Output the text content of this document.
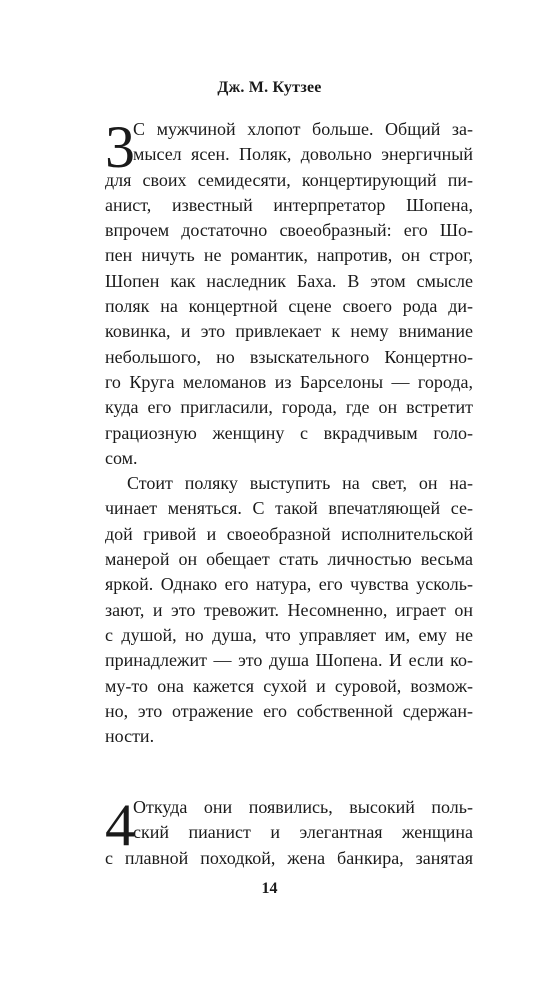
Дж. М. Кутзее
3
С мужчиной хлопот больше. Общий за-
мысел ясен. Поляк, довольно энергичный
для своих семидесяти, концертирующий пи-
анист, известный интерпретатор Шопена,
впрочем достаточно своеобразный: его Шо-
пен ничуть не романтик, напротив, он строг,
Шопен как наследник Баха. В этом смысле
поляк на концертной сцене своего рода ди-
ковинка, и это привлекает к нему внимание
небольшого, но взыскательного Концертно-
го Круга меломанов из Барселоны — города,
куда его пригласили, города, где он встретит
грациозную женщину с вкрадчивым голо-
сом.
Стоит поляку выступить на свет, он на-
чинает меняться. С такой впечатляющей се-
дой гривой и своеобразной исполнительской
манерой он обещает стать личностью весьма
яркой. Однако его натура, его чувства усколь-
зают, и это тревожит. Несомненно, играет он
с душой, но душа, что управляет им, ему не
принадлежит — это душа Шопена. И если ко-
му-то она кажется сухой и суровой, возмож-
но, это отражение его собственной сдержан-
ности.
4
Откуда они появились, высокий поль-
ский пианист и элегантная женщина
с плавной походкой, жена банкира, занятая
14
